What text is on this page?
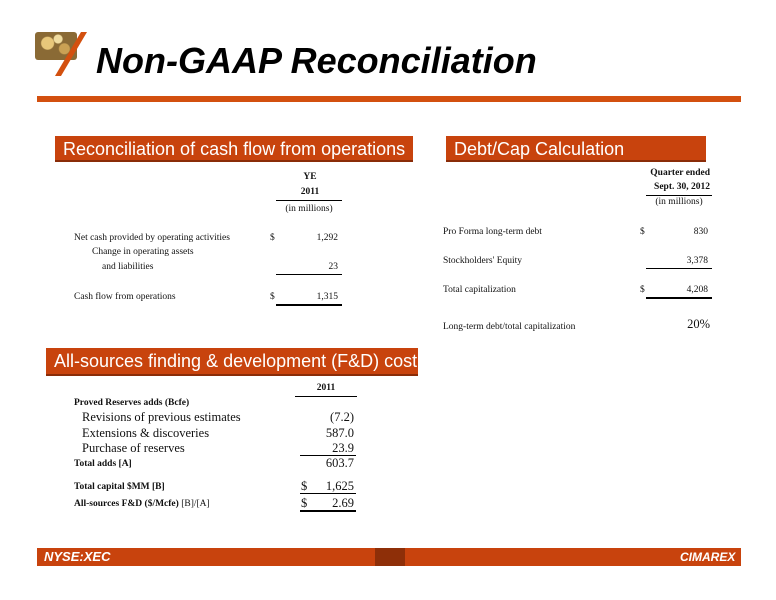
Non-GAAP Reconciliation
Reconciliation of cash flow from operations
YE
2011
(in millions)
Net cash provided by operating activities	$	1,292
Change in operating assets
and liabilities	23
Cash flow from operations	$	1,315
Debt/Cap Calculation
Quarter ended
Sept. 30, 2012
(in millions)
Pro Forma long-term debt	$	830
Stockholders' Equity	3,378
Total capitalization	$	4,208
Long-term debt/total capitalization	20%
All-sources finding & development (F&D) cost
2011
Proved Reserves adds (Bcfe)
Revisions of previous estimates	(7.2)
Extensions & discoveries	587.0
Purchase of reserves	23.9
Total adds [A]	603.7
Total capital $MM [B]	$	1,625
All-sources F&D ($/Mcfe) [B]/[A]	$	2.69
NYSE:XEC	CIMAREX
